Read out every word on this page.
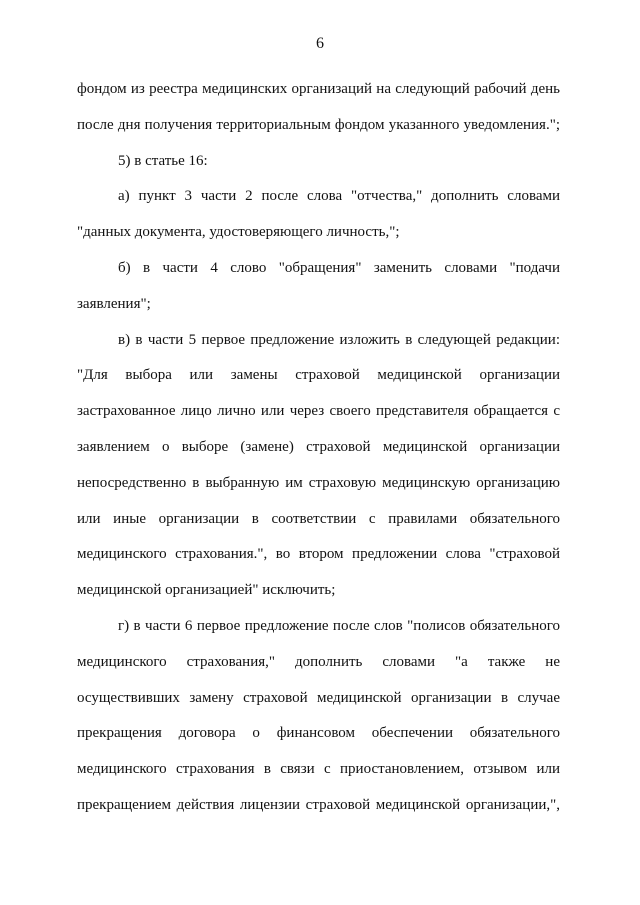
6
фондом из реестра медицинских организаций на следующий рабочий день
после дня получения территориальным фондом указанного уведомления.";
5) в статье 16:
а) пункт 3 части 2 после слова "отчества," дополнить словами
"данных документа, удостоверяющего личность,";
б) в части 4 слово "обращения" заменить словами "подачи
заявления";
в) в части 5 первое предложение изложить в следующей редакции:
"Для выбора или замены страховой медицинской организации
застрахованное лицо лично или через своего представителя обращается с
заявлением о выборе (замене) страховой медицинской организации
непосредственно в выбранную им страховую медицинскую организацию
или иные организации в соответствии с правилами обязательного
медицинского страхования.", во втором предложении слова "страховой
медицинской организацией" исключить;
г) в части 6 первое предложение после слов "полисов обязательного
медицинского страхования," дополнить словами "а также не
осуществивших замену страховой медицинской организации в случае
прекращения договора о финансовом обеспечении обязательного
медицинского страхования в связи с приостановлением, отзывом или
прекращением действия лицензии страховой медицинской организации,",
